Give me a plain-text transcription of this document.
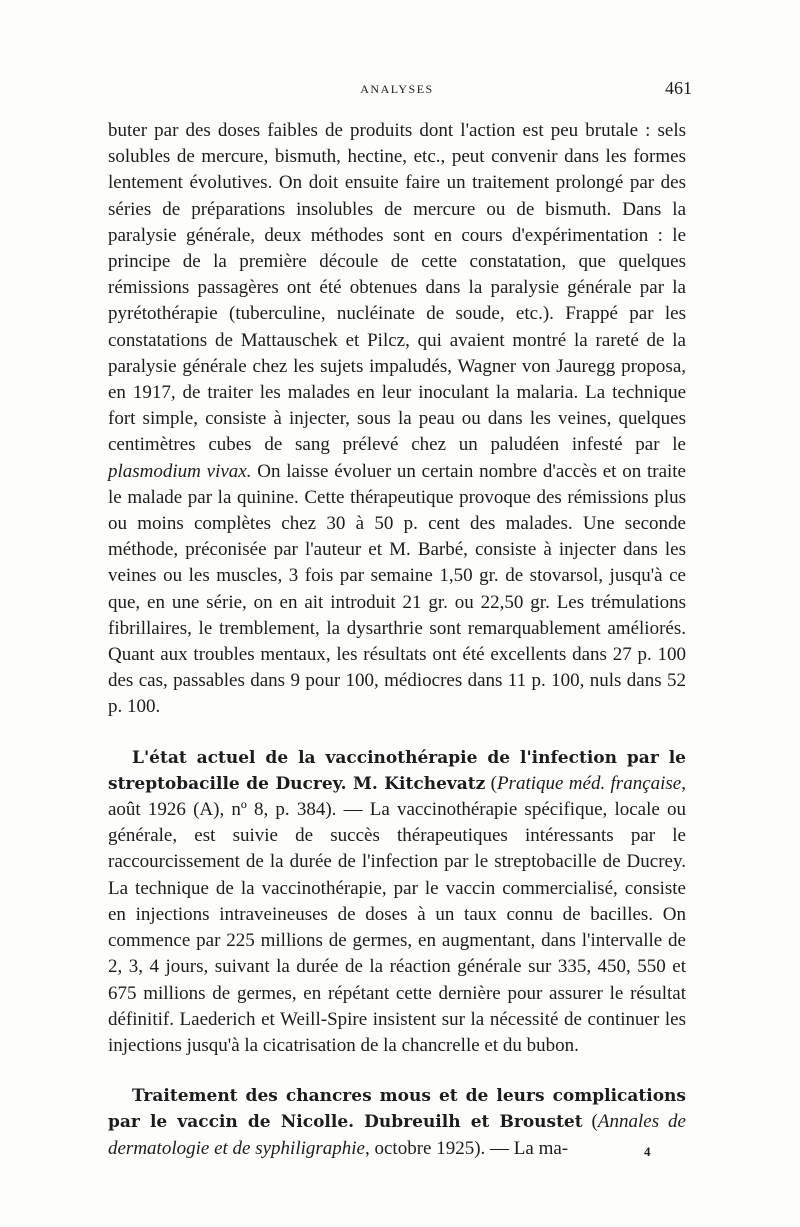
ANALYSES	461

buter par des doses faibles de produits dont l'action est peu brutale : sels solubles de mercure, bismuth, hectine, etc., peut convenir dans les formes lentement évolutives. On doit ensuite faire un traitement prolongé par des séries de préparations insolubles de mercure ou de bismuth. Dans la paralysie générale, deux méthodes sont en cours d'expérimentation : le principe de la première découle de cette constatation, que quelques rémissions passagères ont été obtenues dans la paralysie générale par la pyrétothérapie (tuberculine, nucléinate de soude, etc.). Frappé par les constatations de Mattauschek et Pilcz, qui avaient montré la rareté de la paralysie générale chez les sujets impaludés, Wagner von Jauregg proposa, en 1917, de traiter les malades en leur inoculant la malaria. La technique fort simple, consiste à injecter, sous la peau ou dans les veines, quelques centimètres cubes de sang prélevé chez un paludéen infesté par le plasmodium vivax. On laisse évoluer un certain nombre d'accès et on traite le malade par la quinine. Cette thérapeutique provoque des rémissions plus ou moins complètes chez 30 à 50 p. cent des malades. Une seconde méthode, préconisée par l'auteur et M. Barbé, consiste à injecter dans les veines ou les muscles, 3 fois par semaine 1,50 gr. de stovarsol, jusqu'à ce que, en une série, on en ait introduit 21 gr. ou 22,50 gr. Les trémulations fibrillaires, le tremblement, la dysarthrie sont remarquablement améliorés. Quant aux troubles mentaux, les résultats ont été excellents dans 27 p. 100 des cas, passables dans 9 pour 100, médiocres dans 11 p. 100, nuls dans 52 p. 100.

L'état actuel de la vaccinothérapie de l'infection par le streptobacille de Ducrey. M. Kitchevatz (Pratique méd. française, août 1926 (A), nº 8, p. 384). — La vaccinothérapie spécifique, locale ou générale, est suivie de succès thérapeutiques intéressants par le raccourcissement de la durée de l'infection par le streptobacille de Ducrey. La technique de la vaccinothérapie, par le vaccin commercialisé, consiste en injections intraveineuses de doses à un taux connu de bacilles. On commence par 225 millions de germes, en augmentant, dans l'intervalle de 2, 3, 4 jours, suivant la durée de la réaction générale sur 335, 450, 550 et 675 millions de germes, en répétant cette dernière pour assurer le résultat définitif. Laederich et Weill-Spire insistent sur la nécessité de continuer les injections jusqu'à la cicatrisation de la chancrelle et du bubon.

Traitement des chancres mous et de leurs complications par le vaccin de Nicolle. Dubreuilh et Broustet (Annales de dermatologie et de syphiligraphie, octobre 1925). — La ma-	4
